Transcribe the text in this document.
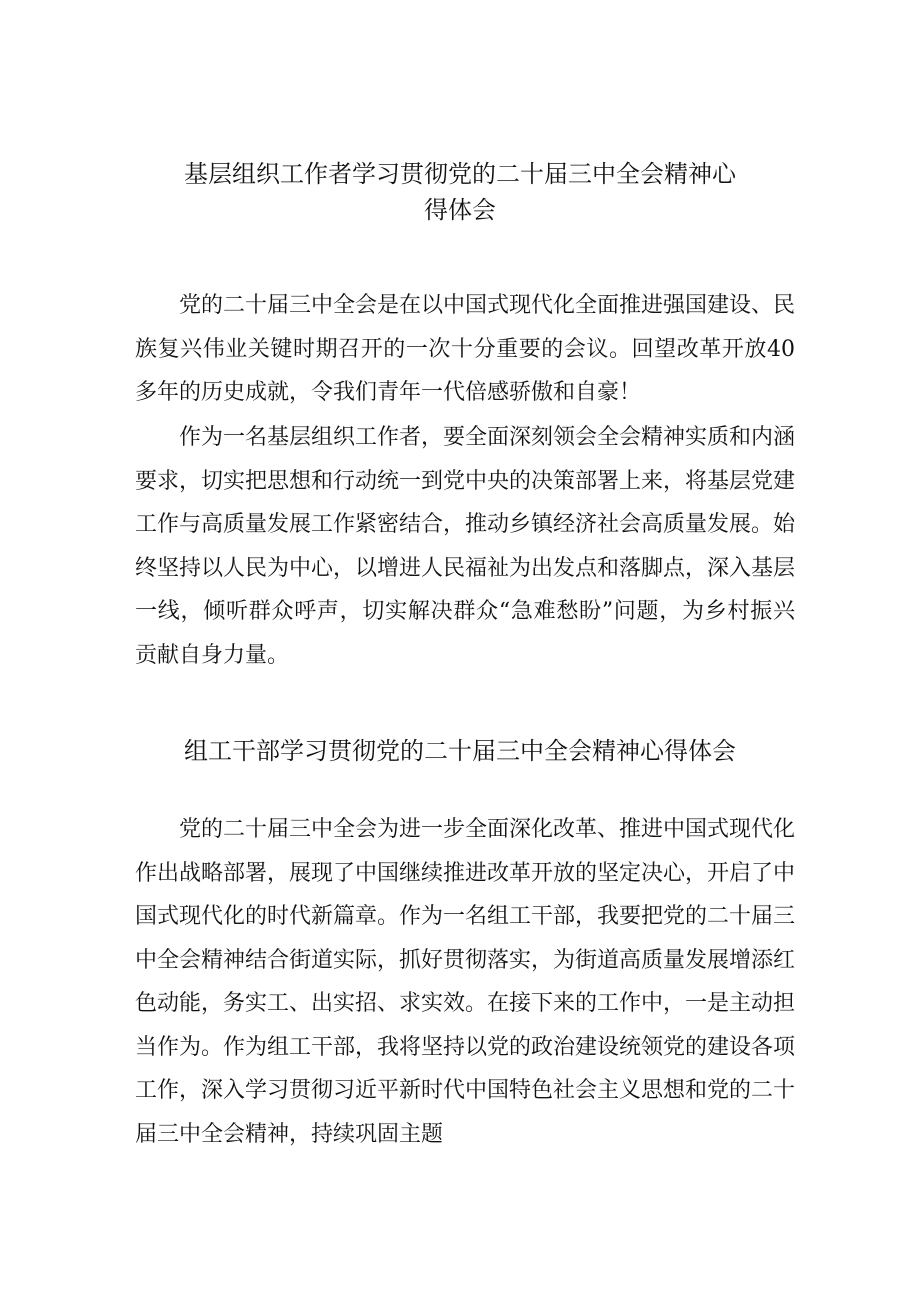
基层组织工作者学习贯彻党的二十届三中全会精神心
得体会

党的二十届三中全会是在以中国式现代化全面推进强国建设、民族复兴伟业关键时期召开的一次十分重要的会议。回望改革开放40多年的历史成就，令我们青年一代倍感骄傲和自豪！

作为一名基层组织工作者，要全面深刻领会全会精神实质和内涵要求，切实把思想和行动统一到党中央的决策部署上来，将基层党建工作与高质量发展工作紧密结合，推动乡镇经济社会高质量发展。始终坚持以人民为中心，以增进人民福祉为出发点和落脚点，深入基层一线，倾听群众呼声，切实解决群众“急难愁盼”问题，为乡村振兴贡献自身力量。

组工干部学习贯彻党的二十届三中全会精神心得体会

党的二十届三中全会为进一步全面深化改革、推进中国式现代化作出战略部署，展现了中国继续推进改革开放的坚定决心，开启了中国式现代化的时代新篇章。作为一名组工干部，我要把党的二十届三中全会精神结合街道实际，抓好贯彻落实，为街道高质量发展增添红色动能，务实工、出实招、求实效。在接下来的工作中，一是主动担当作为。作为组工干部，我将坚持以党的政治建设统领党的建设各项工作，深入学习贯彻习近平新时代中国特色社会主义思想和党的二十届三中全会精神，持续巩固主题
